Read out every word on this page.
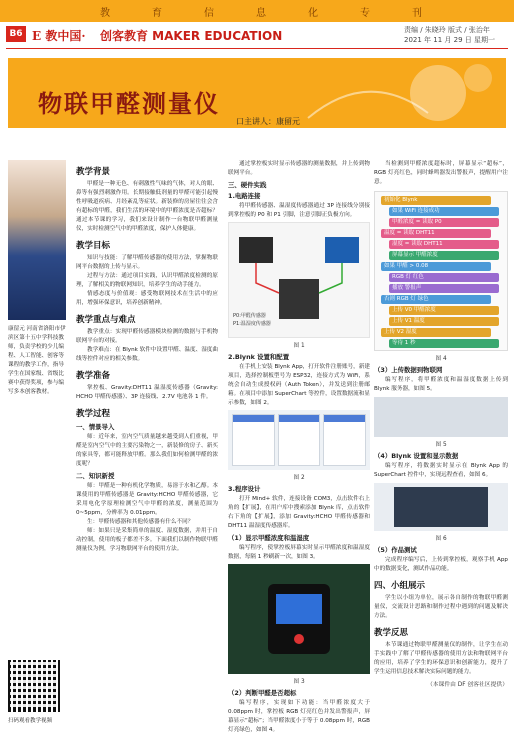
教	育	信	息	化	专	刊
B6 E 教中国· 创客教育 MAKER EDUCATION	责编 / 朱晓玲 版式 / 张治年
2021 年 11 月 29 日 星期一
物联甲醛测量仪
口主讲人：康留元
康留元 河南省洛阳市伊滨区第十五中学科技教师，负责学校的少儿编程、人工智能、创客等课程的教学工作，指导学生在国家级、省级比赛中获得奖项，参与编写多本创客教材。
扫码观看教学视频
教学背景

甲醛是一种无色、有刺激性气味的气体，对人的眼、鼻等有强烈刺激作用。长期接触低剂量的甲醛可能引起慢性呼吸道疾病、月经紊乱等症状。新装修的房屋往往会含有超标的甲醛，我们生活的环境中的甲醛浓度是否超标？通过本节课的学习，我们来设计制作一台物联甲醛测量仪，实时检测空气中的甲醛浓度，保护人体健康。

教学目标

知识与技能：了解甲醛传感器的使用方法，掌握物联网平台数据的上传与显示。

过程与方法：通过项目实践，认识甲醛浓度检测的原理，了解相关的物联网知识，培养学生的动手能力。

情感态度与价值观：感受物联网技术在生活中的应用，增强环保意识，培养创新精神。

教学重点与难点

教学重点：实现甲醛传感器模块检测的数据与手机物联网平台的对接。

教学难点：在 Blynk 软件中设置甲醛、温度、湿度曲线等控件对应的相关参数。

教学准备

掌控板、Gravity:DHT11 温湿度传感器（Gravity: HCHO 甲醛传感器）、3P 连接线、2.7V 电池各 1 件。

教学过程
一、情景导入

师：近年来，室内空气质量越来越受到人们重视，甲醛是室内空气中的主要污染物之一，新装修的房子、新买的家具等，都可能释放甲醛。那么我们如何检测甲醛的浓度呢？

二、知识新授

师：甲醛是一种有机化学物质，易溶于水和乙醇。本课使用的甲醛传感器是 Gravity:HCHO 甲醛传感器，它采用电化学原理检测空气中甲醛的浓度，测量范围为 0~5ppm，分辨率为 0.01ppm。

生：甲醛传感器和其他传感器有什么不同？

师：如果只是采集简单的温度、湿度数据，并用于自动控制，使用的板子都差不多。下面我们以制作物联甲醛测量仪为例，学习物联网平台的使用方法。

通过掌控板实时显示传感器的测量数据，并上传到物联网平台。

三、硬件实践
1.电路连接

将甲醛传感器、温湿度传感器通过 3P 连接线分别接到掌控板的 P0 和 P1 引脚，注意引脚正负极方向。

P0:甲醛传感器
P1:温湿度传感器
图 1
2.Blynk 设置和配置

在手机上安装 Blynk App，打开软件注册账号，新建项目，选择控制板型号为 ESP32，连接方式为 WiFi，系统会自动生成授权码（Auth Token），并发送到注册邮箱。在项目中添加 SuperChart 等控件，设置数据流和显示参数，如图 2。

图 2
3.程序设计

打开 Mind+ 软件，连接设备 COM3，点击软件右上角的【扩展】，在用户库中搜索添加 Blynk 库，点击软件右下角的【扩展】，添加 Gravity:HCHO 甲醛传感器和 DHT11 温湿度传感器库。

（1）显示甲醛浓度和温湿度

编写程序，使掌控板屏幕实时显示甲醛浓度和温湿度数据，每隔 1 秒刷新一次，如图 3。

图 3
（2）判断甲醛是否超标

编写程序，实现如下功能：当甲醛浓度大于 0.08ppm 时，掌控板 RGB 灯亮红色并发出警报声，屏幕显示“超标”；当甲醛浓度小于等于 0.08ppm 时，RGB 灯亮绿色，如图 4。

当检测到甲醛浓度超标时，屏幕显示“超标”，RGB 灯亮红色，同时蜂鸣器发出警报声，提醒用户注意。

初始化 Blynk
如果 WiFi 连接成功
甲醛浓度 = 读取 P0
温度 = 读取 DHT11
湿度 = 读取 DHT11
屏幕显示 甲醛浓度
如果 甲醛 > 0.08
RGB 灯 红色
播放 警报声
否则 RGB 灯 绿色
上传 V0 甲醛浓度
上传 V1 温度
上传 V2 湿度
等待 1 秒
图 4
（3）上传数据到物联网

编写程序，将甲醛浓度和温湿度数据上传到 Blynk 服务器，如图 5。

图 5
（4）Blynk 设置和显示数据

编写程序，将数据实时显示在 Blynk App 的 SuperChart 控件中，实现远程查看，如图 6。

图 6
（5）作品测试

完成程序编写后，上传到掌控板，观察手机 App 中的数据变化，测试作品功能。

四、小组展示

学生以小组为单位，展示各自制作的物联甲醛测量仪，交流设计思路和制作过程中遇到的问题及解决方法。

教学反思

本节课通过物联甲醛测量仪的制作，让学生在动手实践中了解了甲醛传感器的使用方法和物联网平台的应用，培养了学生的环保意识和创新能力，提升了学生运用信息技术解决实际问题的能力。

（本课件由 DF 创客社区提供）
